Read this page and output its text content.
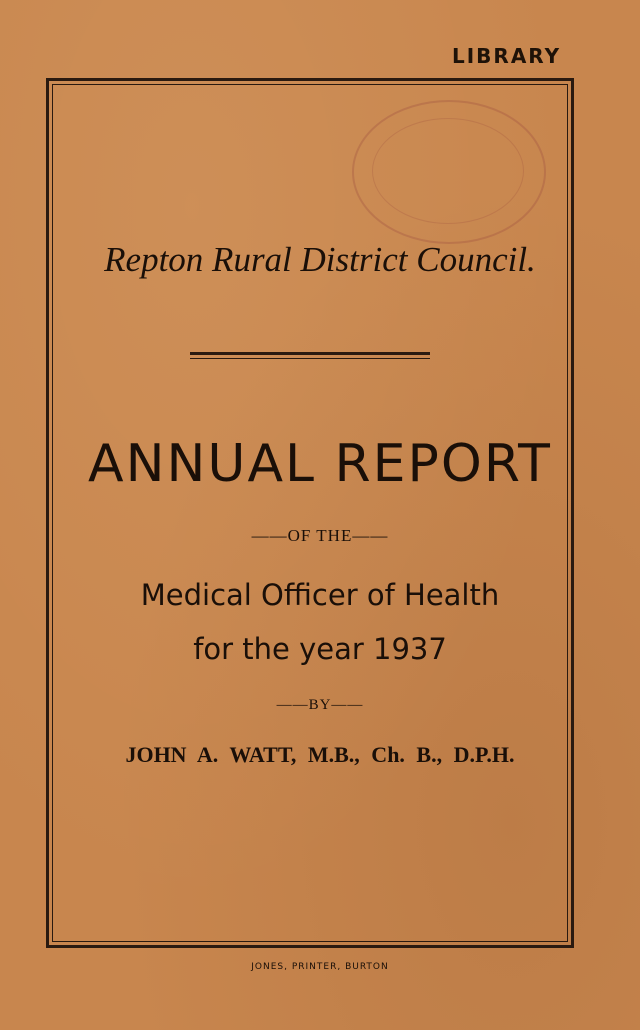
LIBRARY
Repton Rural District Council.
ANNUAL REPORT
——OF THE——
Medical Officer of Health
for the year 1937
——BY——
JOHN A. WATT, M.B., Ch. B., D.P.H.
JONES, PRINTER, BURTON
